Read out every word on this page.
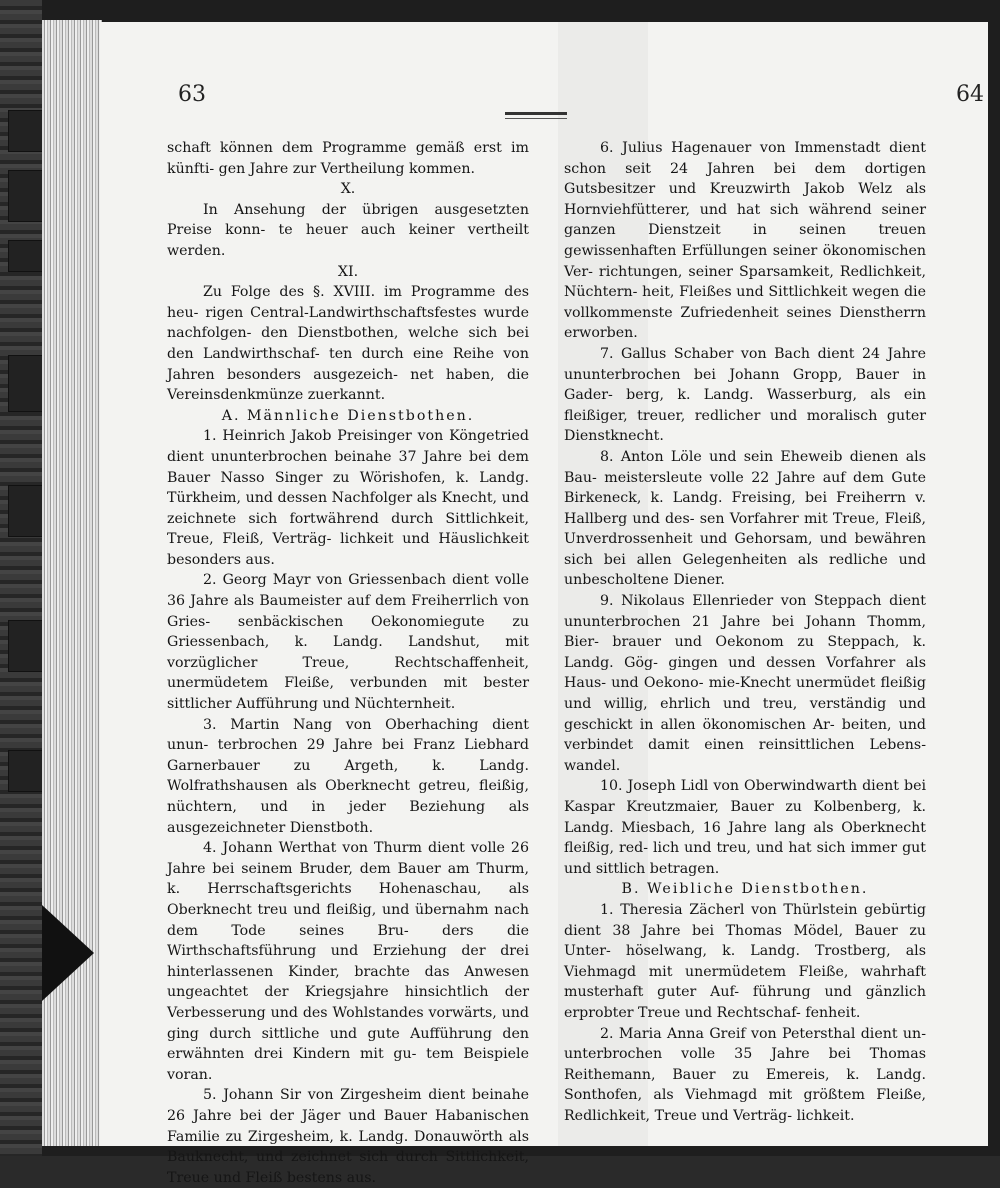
63	64

schaft können dem Programme gemäß erst im künfti- gen Jahre zur Vertheilung kommen.

X.

In Ansehung der übrigen ausgesetzten Preise konn- te heuer auch keiner vertheilt werden.

XI.

Zu Folge des §. XVIII. im Programme des heu- rigen Central-Landwirthschaftsfestes wurde nachfolgen- den Dienstbothen, welche sich bei den Landwirthschaf- ten durch eine Reihe von Jahren besonders ausgezeich- net haben, die Vereinsdenkmünze zuerkannt.

A. Männliche Dienstbothen.

1. Heinrich Jakob Preisinger von Köngetried dient ununterbrochen beinahe 37 Jahre bei dem Bauer Nasso Singer zu Wörishofen, k. Landg. Türkheim, und dessen Nachfolger als Knecht, und zeichnete sich fortwährend durch Sittlichkeit, Treue, Fleiß, Verträg- lichkeit und Häuslichkeit besonders aus.

2. Georg Mayr von Griessenbach dient volle 36 Jahre als Baumeister auf dem Freiherrlich von Gries- senbäckischen Oekonomiegute zu Griessenbach, k. Landg. Landshut, mit vorzüglicher Treue, Rechtschaffenheit, unermüdetem Fleiße, verbunden mit bester sittlicher Aufführung und Nüchternheit.

3. Martin Nang von Oberhaching dient unun- terbrochen 29 Jahre bei Franz Liebhard Garnerbauer zu Argeth, k. Landg. Wolfrathshausen als Oberknecht getreu, fleißig, nüchtern, und in jeder Beziehung als ausgezeichneter Dienstboth.

4. Johann Werthat von Thurm dient volle 26 Jahre bei seinem Bruder, dem Bauer am Thurm, k. Herrschaftsgerichts Hohenaschau, als Oberknecht treu und fleißig, und übernahm nach dem Tode seines Bru- ders die Wirthschaftsführung und Erziehung der drei hinterlassenen Kinder, brachte das Anwesen ungeachtet der Kriegsjahre hinsichtlich der Verbesserung und des Wohlstandes vorwärts, und ging durch sittliche und gute Aufführung den erwähnten drei Kindern mit gu- tem Beispiele voran.

5. Johann Sir von Zirgesheim dient beinahe 26 Jahre bei der Jäger und Bauer Habanischen Familie zu Zirgesheim, k. Landg. Donauwörth als Bauknecht, und zeichnet sich durch Sittlichkeit, Treue und Fleiß bestens aus.

6. Julius Hagenauer von Immenstadt dient schon seit 24 Jahren bei dem dortigen Gutsbesitzer und Kreuzwirth Jakob Welz als Hornviehfütterer, und hat sich während seiner ganzen Dienstzeit in seinen treuen gewissenhaften Erfüllungen seiner ökonomischen Ver- richtungen, seiner Sparsamkeit, Redlichkeit, Nüchtern- heit, Fleißes und Sittlichkeit wegen die vollkommenste Zufriedenheit seines Dienstherrn erworben.

7. Gallus Schaber von Bach dient 24 Jahre ununterbrochen bei Johann Gropp, Bauer in Gader- berg, k. Landg. Wasserburg, als ein fleißiger, treuer, redlicher und moralisch guter Dienstknecht.

8. Anton Löle und sein Eheweib dienen als Bau- meistersleute volle 22 Jahre auf dem Gute Birkeneck, k. Landg. Freising, bei Freiherrn v. Hallberg und des- sen Vorfahrer mit Treue, Fleiß, Unverdrossenheit und Gehorsam, und bewähren sich bei allen Gelegenheiten als redliche und unbescholtene Diener.

9. Nikolaus Ellenrieder von Steppach dient ununterbrochen 21 Jahre bei Johann Thomm, Bier- brauer und Oekonom zu Steppach, k. Landg. Gög- gingen und dessen Vorfahrer als Haus- und Oekono- mie-Knecht unermüdet fleißig und willig, ehrlich und treu, verständig und geschickt in allen ökonomischen Ar- beiten, und verbindet damit einen reinsittlichen Lebens- wandel.

10. Joseph Lidl von Oberwindwarth dient bei Kaspar Kreutzmaier, Bauer zu Kolbenberg, k. Landg. Miesbach, 16 Jahre lang als Oberknecht fleißig, red- lich und treu, und hat sich immer gut und sittlich betragen.

B. Weibliche Dienstbothen.

1. Theresia Zächerl von Thürlstein gebürtig dient 38 Jahre bei Thomas Mödel, Bauer zu Unter- höselwang, k. Landg. Trostberg, als Viehmagd mit unermüdetem Fleiße, wahrhaft musterhaft guter Auf- führung und gänzlich erprobter Treue und Rechtschaf- fenheit.

2. Maria Anna Greif von Petersthal dient un- unterbrochen volle 35 Jahre bei Thomas Reithemann, Bauer zu Emereis, k. Landg. Sonthofen, als Viehmagd mit größtem Fleiße, Redlichkeit, Treue und Verträg- lichkeit.
